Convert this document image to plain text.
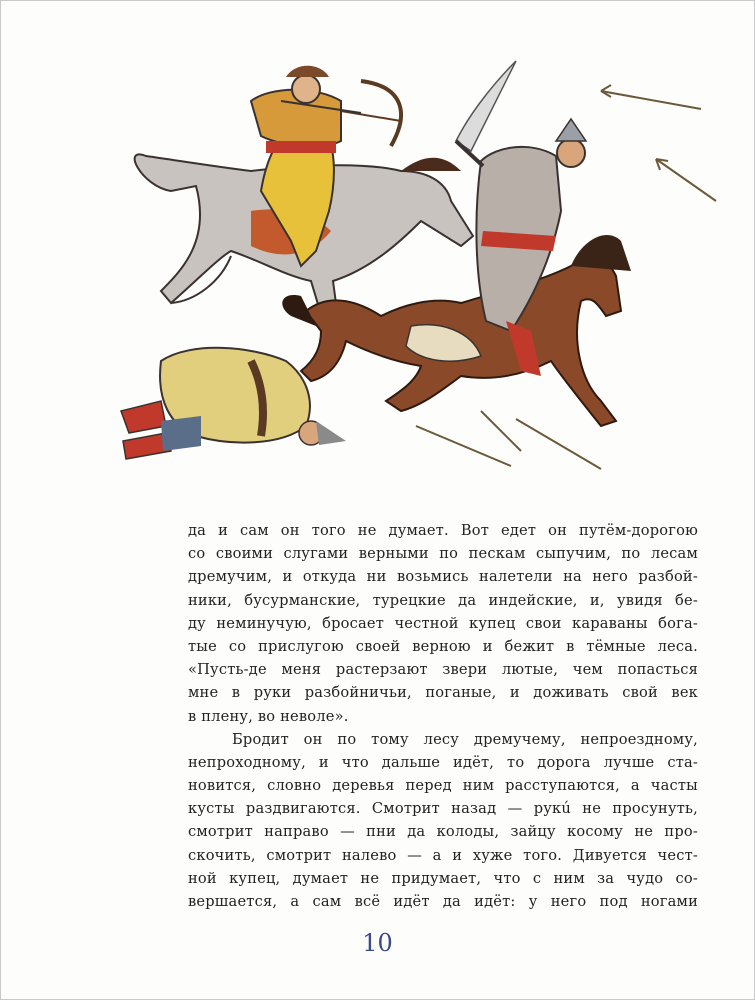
да и сам он того не думает. Вот едет он путём-дорогою
со своими слугами верными по пескам сыпучим, по лесам
дремучим, и откуда ни возьмись налетели на него разбой-
ники, бусурманские, турецкие да индейские, и, увидя бе-
ду неминучую, бросает честной купец свои караваны бога-
тые со прислугою своей верною и бежит в тёмные леса.
«Пусть-де меня растерзают звери лютые, чем попасться
мне в руки разбойничьи, поганые, и доживать свой век
в плену, во неволе».
Бродит он по тому лесу дремучему, непроездному,
непроходному, и что дальше идёт, то дорога лучше ста-
новится, словно деревья перед ним расступаются, а часты
кусты раздвигаются. Смотрит назад — рукú не просунуть,
смотрит направо — пни да колоды, зайцу косому не про-
скочить, смотрит налево — а и хуже того. Дивуется чест-
ной купец, думает не придумает, что с ним за чудо со-
вершается, а сам всё идёт да идёт: у него под ногами
10
